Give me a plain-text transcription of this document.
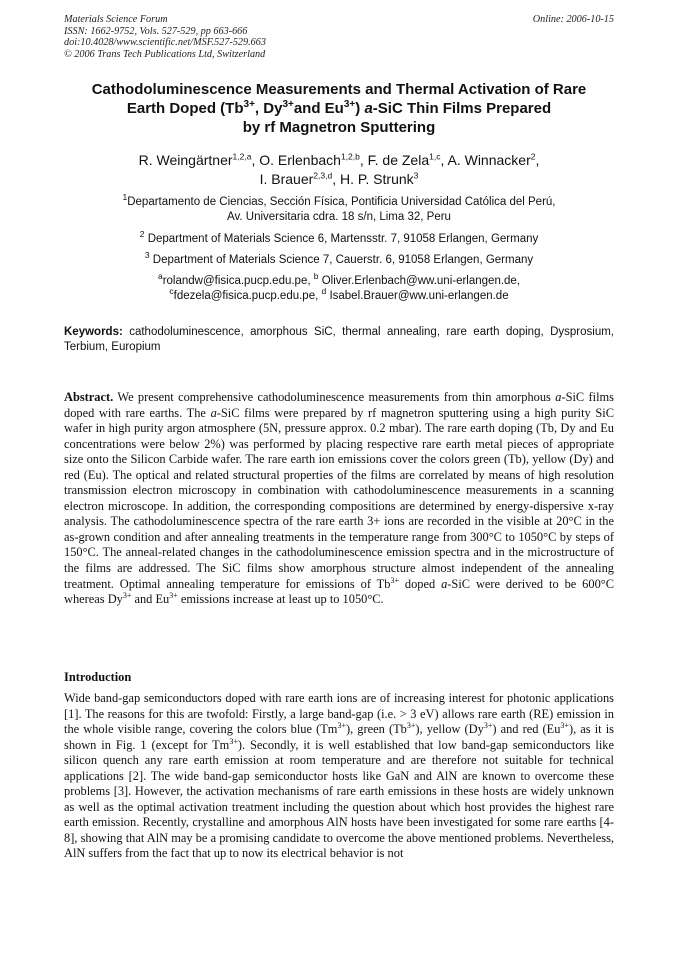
Materials Science Forum
ISSN: 1662-9752, Vols. 527-529, pp 663-666
doi:10.4028/www.scientific.net/MSF.527-529.663
© 2006 Trans Tech Publications Ltd, Switzerland
Online: 2006-10-15
Cathodoluminescence Measurements and Thermal Activation of Rare
Earth Doped ($Tb^{3+}$, $Dy^{3+}and$ $Eu^{3+}$) a-SiC Thin Films Prepared
by rf Magnetron Sputtering
R. Weingärtner$^{1,2,a}$, O. Erlenbach$^{1,2,b}$, F. de Zela$^{1,c}$, A. Winnacker$^2$,
I. Brauer$^{2,3,d}$, H. P. Strunk$^3$
$^1$Departamento de Ciencias, Sección Física, Pontificia Universidad Católica del Perú,
Av. Universitaria cdra. 18 s/n, Lima 32, Peru
$^2$ Department of Materials Science 6, Martensstr. 7, 91058 Erlangen, Germany
$^3$ Department of Materials Science 7, Cauerstr. 6, 91058 Erlangen, Germany
$^a$rolandw@fisica.pucp.edu.pe, $^b$ Oliver.Erlenbach@ww.uni-erlangen.de,
$^c$fdezela@fisica.pucp.edu.pe, $^d$ Isabel.Brauer@ww.uni-erlangen.de
Keywords: cathodoluminescence, amorphous SiC, thermal annealing, rare earth doping, Dysprosium, Terbium, Europium
Abstract. We present comprehensive cathodoluminescence measurements from thin amorphous a-SiC films doped with rare earths. The a-SiC films were prepared by rf magnetron sputtering using a high purity SiC wafer in high purity argon atmosphere (5N, pressure approx. 0.2 mbar). The rare earth doping (Tb, Dy and Eu concentrations were below 2%) was performed by placing respective rare earth metal pieces of appropriate size onto the Silicon Carbide wafer. The rare earth ion emissions cover the colors green (Tb), yellow (Dy) and red (Eu). The optical and related structural properties of the films are correlated by means of high resolution transmission electron microscopy in combination with cathodoluminescence measurements in a scanning electron microscope. In addition, the corresponding compositions are determined by energy-dispersive x-ray analysis. The cathodoluminescence spectra of the rare earth 3+ ions are recorded in the visible at 20°C in the as-grown condition and after annealing treatments in the temperature range from 300°C to 1050°C by steps of 150°C. The anneal-related changes in the cathodoluminescence emission spectra and in the microstructure of the films are addressed. The SiC films show amorphous structure almost independent of the annealing treatment. Optimal annealing temperature for emissions of $Tb^{3+}$ doped a-SiC were derived to be 600°C whereas $Dy^{3+}$ and $Eu^{3+}$ emissions increase at least up to 1050°C.
Introduction
Wide band-gap semiconductors doped with rare earth ions are of increasing interest for photonic applications [1]. The reasons for this are twofold: Firstly, a large band-gap (i.e. > 3 eV) allows rare earth (RE) emission in the whole visible range, covering the colors blue $(Tm^{3+})$, green $(Tb^{3+})$, yellow $(Dy^{3+})$ and red $(Eu^{3+})$, as it is shown in Fig. 1 (except for $Tm^{3+}$). Secondly, it is well established that low band-gap semiconductors like silicon quench any rare earth emission at room temperature and are therefore not suitable for technical applications [2]. The wide band-gap semiconductor hosts like GaN and AlN are known to overcome these problems [3]. However, the activation mechanisms of rare earth emissions in these hosts are widely unknown as well as the optimal activation treatment including the question about which host provides the highest rare earth emission. Recently, crystalline and amorphous AlN hosts have been investigated for some rare earths [4-8], showing that AlN may be a promising candidate to overcome the above mentioned problems. Nevertheless, AlN suffers from the fact that up to now its electrical behavior is not
